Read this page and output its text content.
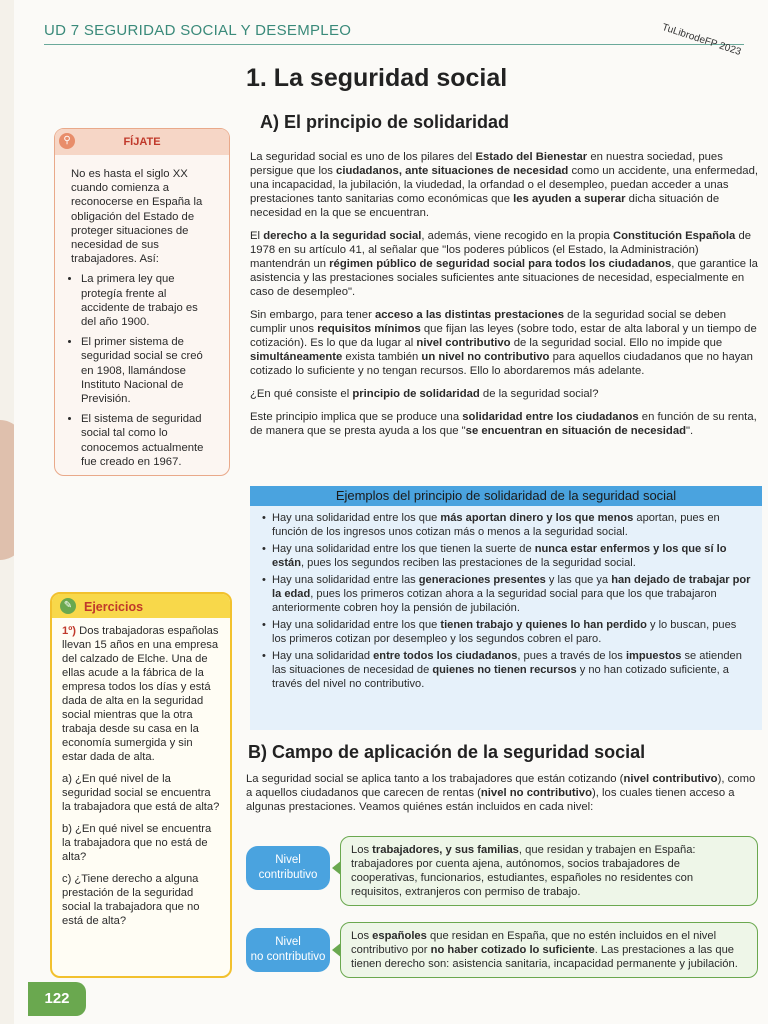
UD 7 SEGURIDAD SOCIAL Y DESEMPLEO	TuLibrodeFP 2023
1. La seguridad social
A) El principio de solidaridad
⚲	FÍJATE
No es hasta el siglo XX cuando comienza a reconocerse en España la obligación del Estado de proteger situaciones de necesidad de sus trabajadores. Así:
• La primera ley que protegía frente al accidente de trabajo es del año 1900.
• El primer sistema de seguridad social se creó en 1908, llamándose Instituto Nacional de Previsión.
• El sistema de seguridad social tal como lo conocemos actualmente fue creado en 1967.

La seguridad social es uno de los pilares del Estado del Bienestar en nuestra sociedad, pues persigue que los ciudadanos, ante situaciones de necesidad como un accidente, una enfermedad, una incapacidad, la jubilación, la viudedad, la orfandad o el desempleo, puedan acceder a unas prestaciones tanto sanitarias como económicas que les ayuden a superar dicha situación de necesidad en la que se encuentran.

El derecho a la seguridad social, además, viene recogido en la propia Constitución Española de 1978 en su artículo 41, al señalar que "los poderes públicos (el Estado, la Administración) mantendrán un régimen público de seguridad social para todos los ciudadanos, que garantice la asistencia y las prestaciones sociales suficientes ante situaciones de necesidad, especialmente en caso de desempleo".

Sin embargo, para tener acceso a las distintas prestaciones de la seguridad social se deben cumplir unos requisitos mínimos que fijan las leyes (sobre todo, estar de alta laboral y un tiempo de cotización). Es lo que da lugar al nivel contributivo de la seguridad social. Ello no impide que simultáneamente exista también un nivel no contributivo para aquellos ciudadanos que no hayan cotizado lo suficiente y no tengan recursos. Ello lo abordaremos más adelante.

¿En qué consiste el principio de solidaridad de la seguridad social?

Este principio implica que se produce una solidaridad entre los ciudadanos en función de su renta, de manera que se presta ayuda a los que "se encuentran en situación de necesidad".

Ejemplos del principio de solidaridad de la seguridad social
• Hay una solidaridad entre los que más aportan dinero y los que menos aportan, pues en función de los ingresos unos cotizan más o menos a la seguridad social.
• Hay una solidaridad entre los que tienen la suerte de nunca estar enfermos y los que sí lo están, pues los segundos reciben las prestaciones de la seguridad social.
• Hay una solidaridad entre las generaciones presentes y las que ya han dejado de trabajar por la edad, pues los primeros cotizan ahora a la seguridad social para que los que trabajaron anteriormente cobren hoy la pensión de jubilación.
• Hay una solidaridad entre los que tienen trabajo y quienes lo han perdido y lo buscan, pues los primeros cotizan por desempleo y los segundos cobren el paro.
• Hay una solidaridad entre todos los ciudadanos, pues a través de los impuestos se atienden las situaciones de necesidad de quienes no tienen recursos y no han cotizado suficiente, a través del nivel no contributivo.
✎ Ejercicios

1º) Dos trabajadoras españolas llevan 15 años en una empresa del calzado de Elche. Una de ellas acude a la fábrica de la empresa todos los días y está dada de alta en la seguridad social mientras que la otra trabaja desde su casa en la economía sumergida y sin estar dada de alta.

a) ¿En qué nivel de la seguridad social se encuentra la trabajadora que está de alta?

b) ¿En qué nivel se encuentra la trabajadora que no está de alta?

c) ¿Tiene derecho a alguna prestación de la seguridad social la trabajadora que no está de alta?

B) Campo de aplicación de la seguridad social

La seguridad social se aplica tanto a los trabajadores que están cotizando (nivel contributivo), como a aquellos ciudadanos que carecen de rentas (nivel no contributivo), los cuales tienen acceso a algunas prestaciones. Veamos quiénes están incluidos en cada nivel:

Nivel
contributivo
Los trabajadores, y sus familias, que residan y trabajen en España: trabajadores por cuenta ajena, autónomos, socios trabajadores de cooperativas, funcionarios, estudiantes, españoles no residentes con requisitos, extranjeros con permiso de trabajo.
Nivel
no contributivo
Los españoles que residan en España, que no estén incluidos en el nivel contributivo por no haber cotizado lo suficiente. Las prestaciones a las que tienen derecho son: asistencia sanitaria, incapacidad permanente y jubilación.
122
